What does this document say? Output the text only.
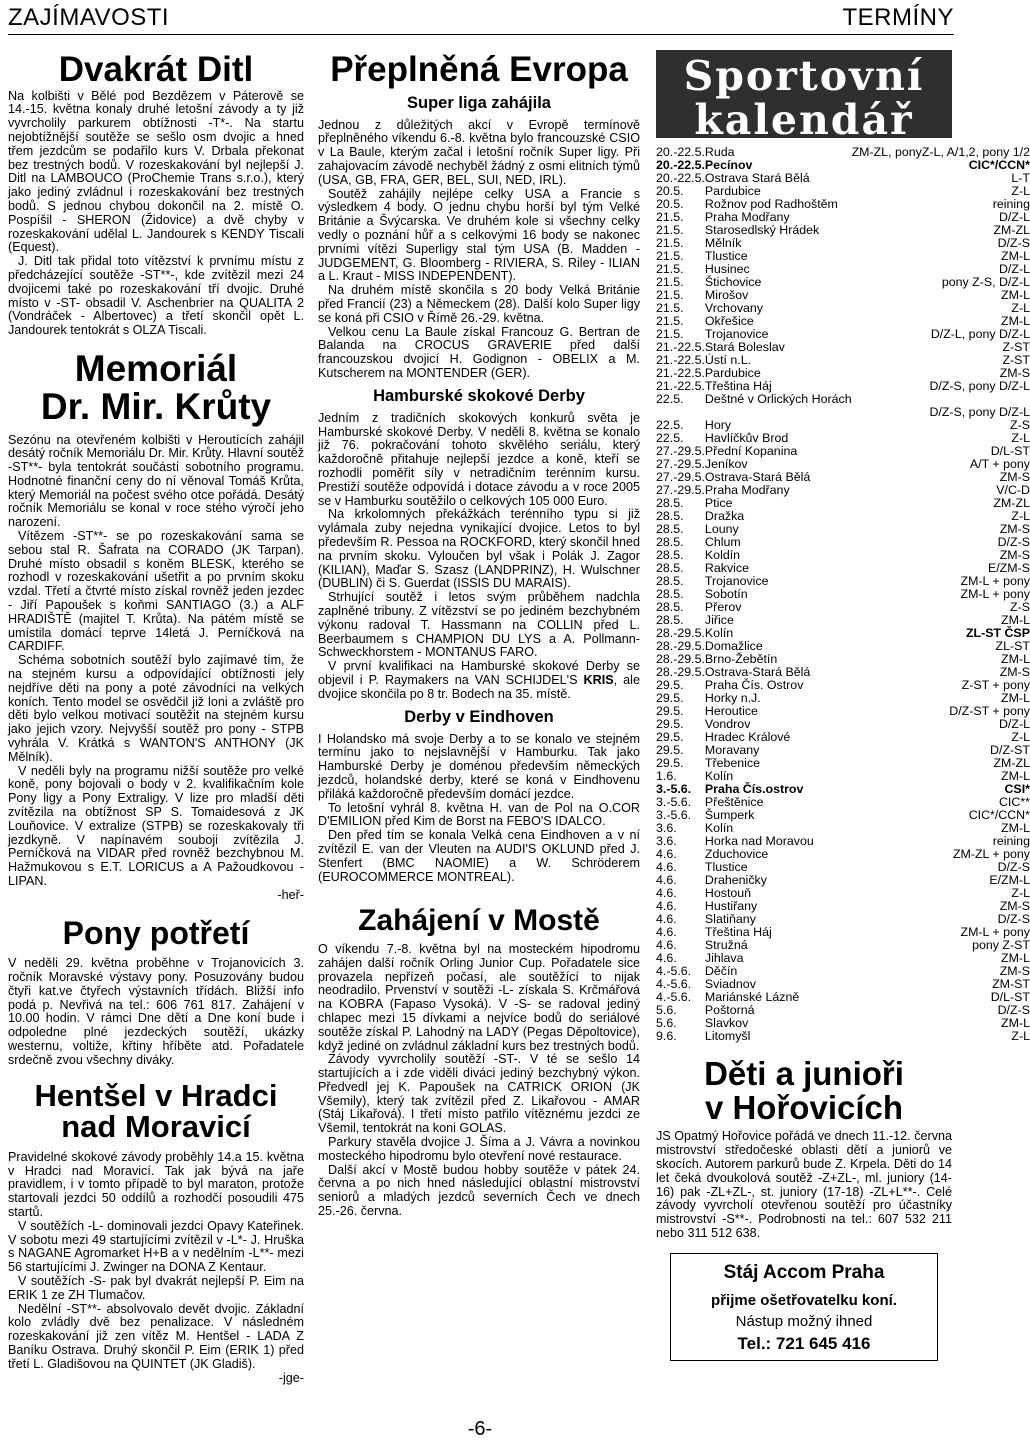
ZAJÍMAVOSTI	TERMÍNY
Dvakrát Ditl

Na kolbišti v Bělé pod Bezdězem v Páterově se 14.-15. května konaly druhé letošní závody a ty již vyvrcholily parkurem obtížnosti -T*-. Na startu nejobtížnější soutěže se sešlo osm dvojic a hned třem jezdcům se podařilo kurs V. Drbala překonat bez trestných bodů. V rozeskakování byl nejlepší J. Ditl na LAMBOUCO (ProChemie Trans s.r.o.), který jako jediný zvládnul i rozeskakování bez trestných bodů. S jednou chybou dokončil na 2. místě O. Pospíšil - SHERON (Židovice) a dvě chyby v rozeskakování udělal L. Jandourek s KENDY Tiscali (Equest).

J. Ditl tak přidal toto vítězství k prvnímu místu z předcházející soutěže -ST**-, kde zvítězil mezi 24 dvojicemi také po rozeskakování tří dvojic. Druhé místo v -ST- obsadil V. Aschenbrier na QUALITA 2 (Vondráček - Albertovec) a třetí skončil opět L. Jandourek tentokrát s OLZA Tiscali.

Memoriál
Dr. Mir. Krůty

Sezónu na otevřeném kolbišti v Heroutících zahájil desátý ročník Memoriálu Dr. Mir. Krůty. Hlavní soutěž -ST**- byla tentokrát součástí sobotního programu. Hodnotné finanční ceny do ní věnoval Tomáš Krůta, který Memoriál na počest svého otce pořádá. Desátý ročník Memoriálu se konal v roce stého výročí jeho narození.

Vítězem -ST**- se po rozeskakování sama se sebou stal R. Šafrata na CORADO (JK Tarpan). Druhé místo obsadil s koněm BLESK, kterého se rozhodl v rozeskakování ušetřit a po prvním skoku vzdal. Třetí a čtvrté místo získal rovněž jeden jezdec - Jiří Papoušek s koňmi SANTIAGO (3.) a ALF HRADIŠTĚ (majitel T. Krůta). Na pátém místě se umístila domácí teprve 14letá J. Perníčková na CARDIFF.

Schéma sobotních soutěží bylo zajímavé tím, že na stejném kursu a odpovídající obtížnosti jely nejdříve děti na pony a poté závodníci na velkých koních. Tento model se osvědčil již loni a zvláště pro děti bylo velkou motivací soutěžit na stejném kursu jako jejich vzory. Nejvyšší soutěž pro pony - STPB vyhrála V. Krátká s WANTON'S ANTHONY (JK Mělník).

V neděli byly na programu nižší soutěže pro velké koně, pony bojovali o body v 2. kvalifikačním kole Pony ligy a Pony Extraligy. V lize pro mladší děti zvítězila na obtížnost SP S. Tomaidesová z JK Louňovice. V extralize (STPB) se rozeskakovaly tři jezdkyně. V napínavém souboji zvítězila J. Perníčková na VIDAR před rovněž bezchybnou M. Hažmukovou s E.T. LORICUS a A Pažoudkovou - LIPAN.

-heř-

Pony potřetí

V neděli 29. května proběhne v Trojanovicích 3. ročník Moravské výstavy pony. Posuzovány budou čtyři kat.ve čtyřech výstavních třídách. Bližší info podá p. Nevřivá na tel.: 606 761 817. Zahájení v 10.00 hodin. V rámci Dne dětí a Dne koní bude i odpoledne plné jezdeckých soutěží, ukázky westernu, voltiže, křtiny hříběte atd. Pořadatele srdečně zvou všechny diváky.

Hentšel v Hradci
nad Moravicí

Pravidelné skokové závody proběhly 14.a 15. května v Hradci nad Moravicí. Tak jak bývá na jaře pravidlem, i v tomto případě to byl maraton, protože startovali jezdci 50 oddílů a rozhodčí posoudili 475 startů.

V soutěžích -L- dominovali jezdci Opavy Kateřinek. V sobotu mezi 49 startujícími zvítězil v -L*- J. Hruška s NAGANE Agromarket H+B a v nedělním -L**- mezi 56 startujícími J. Zwinger na DONA Z Kentaur.

V soutěžích -S- pak byl dvakrát nejlepší P. Eim na ERIK 1 ze ZH Tlumačov.

Nedělní -ST**- absolvovalo devět dvojic. Základní kolo zvládly dvě bez penalizace. V následném rozeskakování již zen vítěz M. Hentšel - LADA Z Baníku Ostrava. Druhý skončil P. Eim (ERIK 1) před třetí L. Gladišovou na QUINTET (JK Gladiš).

-jge-

Přeplněná Evropa
Super liga zahájila

Jednou z důležitých akcí v Evropě termínově přeplněného víkendu 6.-8. května bylo francouzské CSIO v La Baule, kterým začal i letošní ročník Super ligy. Při zahajovacím závodě nechyběl žádný z osmi elitních týmů (USA, GB, FRA, GER, BEL, SUI, NED, IRL).

Soutěž zahájily nejlépe celky USA a Francie s výsledkem 4 body. O jednu chybu horší byl tým Velké Británie a Švýcarska. Ve druhém kole si všechny celky vedly o poznání hůř a s celkovými 16 body se nakonec prvními vítězi Superligy stal tým USA (B. Madden - JUDGEMENT, G. Bloomberg - RIVIERA, S. Riley - ILIAN a L. Kraut - MISS INDEPENDENT).

Na druhém místě skončila s 20 body Velká Británie před Francií (23) a Německem (28). Další kolo Super ligy se koná při CSIO v Římě 26.-29. května.

Velkou cenu La Baule získal Francouz G. Bertran de Balanda na CROCUS GRAVERIE před další francouzskou dvojicí H. Godignon - OBELIX a M. Kutscherem na MONTENDER (GER).

Hamburské skokové Derby

Jedním z tradičních skokových konkurů světa je Hamburské skokové Derby. V neděli 8. května se konalo již 76. pokračování tohoto skvělého seriálu, který každoročně přitahuje nejlepší jezdce a koně, kteří se rozhodli poměřit síly v netradičním terénním kursu. Prestiží soutěže odpovídá i dotace závodu a v roce 2005 se v Hamburku soutěžilo o celkových 105 000 Euro.

Na krkolomných překážkách terénního typu si již vylámala zuby nejedna vynikající dvojice. Letos to byl především R. Pessoa na ROCKFORD, který skončil hned na prvním skoku. Vyloučen byl však i Polák J. Zagor (KILIAN), Maďar S. Szasz (LANDPRINZ), H. Wulschner (DUBLIN) či S. Guerdat (ISSIS DU MARAIS).

Strhující soutěž i letos svým průběhem nadchla zaplněné tribuny. Z vítězství se po jediném bezchybném výkonu radoval T. Hassmann na COLLIN před L. Beerbaumem s CHAMPION DU LYS a A. Pollmann-Schweckhorstem - MONTANUS FARO.

V první kvalifikaci na Hamburské skokové Derby se objevil i P. Raymakers na VAN SCHIJDEL'S KRIS, ale dvojice skončila po 8 tr. Bodech na 35. místě.

Derby v Eindhoven

I Holandsko má svoje Derby a to se konalo ve stejném termínu jako to nejslavnější v Hamburku. Tak jako Hamburské Derby je doménou především německých jezdců, holandské derby, které se koná v Eindhovenu přiláká každoročně především domácí jezdce.

To letošní vyhrál 8. května H. van de Pol na O.COR D'EMILION před Kim de Borst na FEBO'S IDALCO.

Den před tím se konala Velká cena Eindhoven a v ní zvítězil E. van der Vleuten na AUDI'S OKLUND před J. Stenfert (BMC NAOMIE) a W. Schröderem (EUROCOMMERCE MONTREAL).

Zahájení v Mostě

O víkendu 7.-8. května byl na mosteckém hipodromu zahájen další ročník Orling Junior Cup. Pořadatele sice provazela nepřízeň počasí, ale soutěžící to nijak neodradilo. Prvenství v soutěži -L- získala S. Krčmářová na KOBRA (Fapaso Vysoká). V -S- se radoval jediný chlapec mezi 15 dívkami a nejvíce bodů do seriálové soutěže získal P. Lahodný na LADY (Pegas Děpoltovice), když jediné on zvládnul základní kurs bez trestných bodů.

Závody vyvrcholily soutěží -ST-. V té se sešlo 14 startujících a i zde viděli diváci jediný bezchybný výkon. Předvedl jej K. Papoušek na CATRICK ORION (JK Všemily), který tak zvítězil před Z. Likařovou - AMAR (Stáj Likařová). I třetí místo patřilo vítěznému jezdci ze Všemil, tentokrát na koni GOLAS.

Parkury stavěla dvojice J. Šíma a J. Vávra a novinkou mosteckého hipodromu bylo otevření nové restaurace.

Další akcí v Mostě budou hobby soutěže v pátek 24. června a po nich hned následující oblastní mistrovství seniorů a mladých jezdců severních Čech ve dnech 25.-26. června.

Sportovní
kalendář
20.-22.5.	Ruda	ZM-ZL, ponyZ-L, A/1,2, pony 1/2
20.-22.5.	Pecínov	CIC*/CCN*
20.-22.5.	Ostrava Stará Bělá	L-T
20.5.	Pardubice	Z-L
20.5.	Rožnov pod Radhoštěm	reining
21.5.	Praha Modřany	D/Z-L
21.5.	Starosedlský Hrádek	ZM-ZL
21.5.	Mělník	D/Z-S
21.5.	Tlustice	ZM-L
21.5.	Husinec	D/Z-L
21.5.	Štichovice	pony Z-S, D/Z-L
21.5.	Mirošov	ZM-L
21.5.	Vrchovany	Z-L
21.5.	Okřešice	ZM-L
21.5.	Trojanovice	D/Z-L, pony D/Z-L
21.-22.5.	Stará Boleslav	Z-ST
21.-22.5.	Ústí n.L.	Z-ST
21.-22.5.	Pardubice	ZM-S
21.-22.5.	Třeština Háj	D/Z-S, pony D/Z-L
22.5.	Deštné v Orlických Horách	
		D/Z-S, pony D/Z-L
22.5.	Hory	Z-S
22.5.	Havlíčkův Brod	Z-L
27.-29.5.	Přední Kopanina	D/L-ST
27.-29.5.	Jeníkov	A/T + pony
27.-29.5.	Ostrava-Stará Bělá	ZM-S
27.-29.5.	Praha Modřany	V/C-D
28.5.	Ptice	ZM-ZL
28.5.	Dražka	Z-L
28.5.	Louny	ZM-S
28.5.	Chlum	D/Z-S
28.5.	Koldín	ZM-S
28.5.	Rakvice	E/ZM-S
28.5.	Trojanovice	ZM-L + pony
28.5.	Sobotín	ZM-L + pony
28.5.	Přerov	Z-S
28.5.	Jiřice	ZM-L
28.-29.5.	Kolín	ZL-ST ČSP
28.-29.5.	Domažlice	ZL-ST
28.-29.5.	Brno-Žebětín	ZM-L
28.-29.5.	Ostrava-Stará Bělá	ZM-S
29.5.	Praha Čís. Ostrov	Z-ST + pony
29.5.	Horky n.J.	ZM-L
29.5.	Heroutice	D/Z-ST + pony
29.5.	Vondrov	D/Z-L
29.5.	Hradec Králové	Z-L
29.5.	Moravany	D/Z-ST
29.5.	Třebenice	ZM-ZL
1.6.	Kolín	ZM-L
3.-5.6.	Praha Čís.ostrov	CSI*
3.-5.6.	Přeštěnice	CIC**
3.-5.6.	Šumperk	CIC*/CCN*
3.6.	Kolín	ZM-L
3.6.	Horka nad Moravou	reining
4.6.	Zduchovice	ZM-ZL + pony
4.6.	Tlustice	D/Z-S
4.6.	Draheničky	E/ZM-L
4.6.	Hostouň	Z-L
4.6.	Hustiřany	ZM-S
4.6.	Slatiňany	D/Z-S
4.6.	Třeština Háj	ZM-L + pony
4.6.	Stružná	pony Z-ST
4.6.	Jihlava	ZM-L
4.-5.6.	Děčín	ZM-S
4.-5.6.	Sviadnov	ZM-ST
4.-5.6.	Mariánské Lázně	D/L-ST
5.6.	Poštorná	D/Z-S
5.6.	Slavkov	ZM-L
9.6.	Litomyšl	Z-L
Děti a junioři
v Hořovicích

JS Opatmý Hořovice pořádá ve dnech 11.-12. června mistrovství středočeské oblasti dětí a juniorů ve skocích. Autorem parkurů bude Z. Krpela. Děti do 14 let čeká dvoukolová soutěž -Z+ZL-, ml. juniory (14-16) pak -ZL+ZL-, st. juniory (17-18) -ZL+L**-. Celé závody vyvrcholí otevřenou soutěží pro účastníky mistrovství -S**-. Podrobnosti na tel.: 607 532 211 nebo 311 512 638.

Stáj Accom Praha
přijme ošetřovatelku koní.
Nástup možný ihned
Tel.: 721 645 416
-6-
